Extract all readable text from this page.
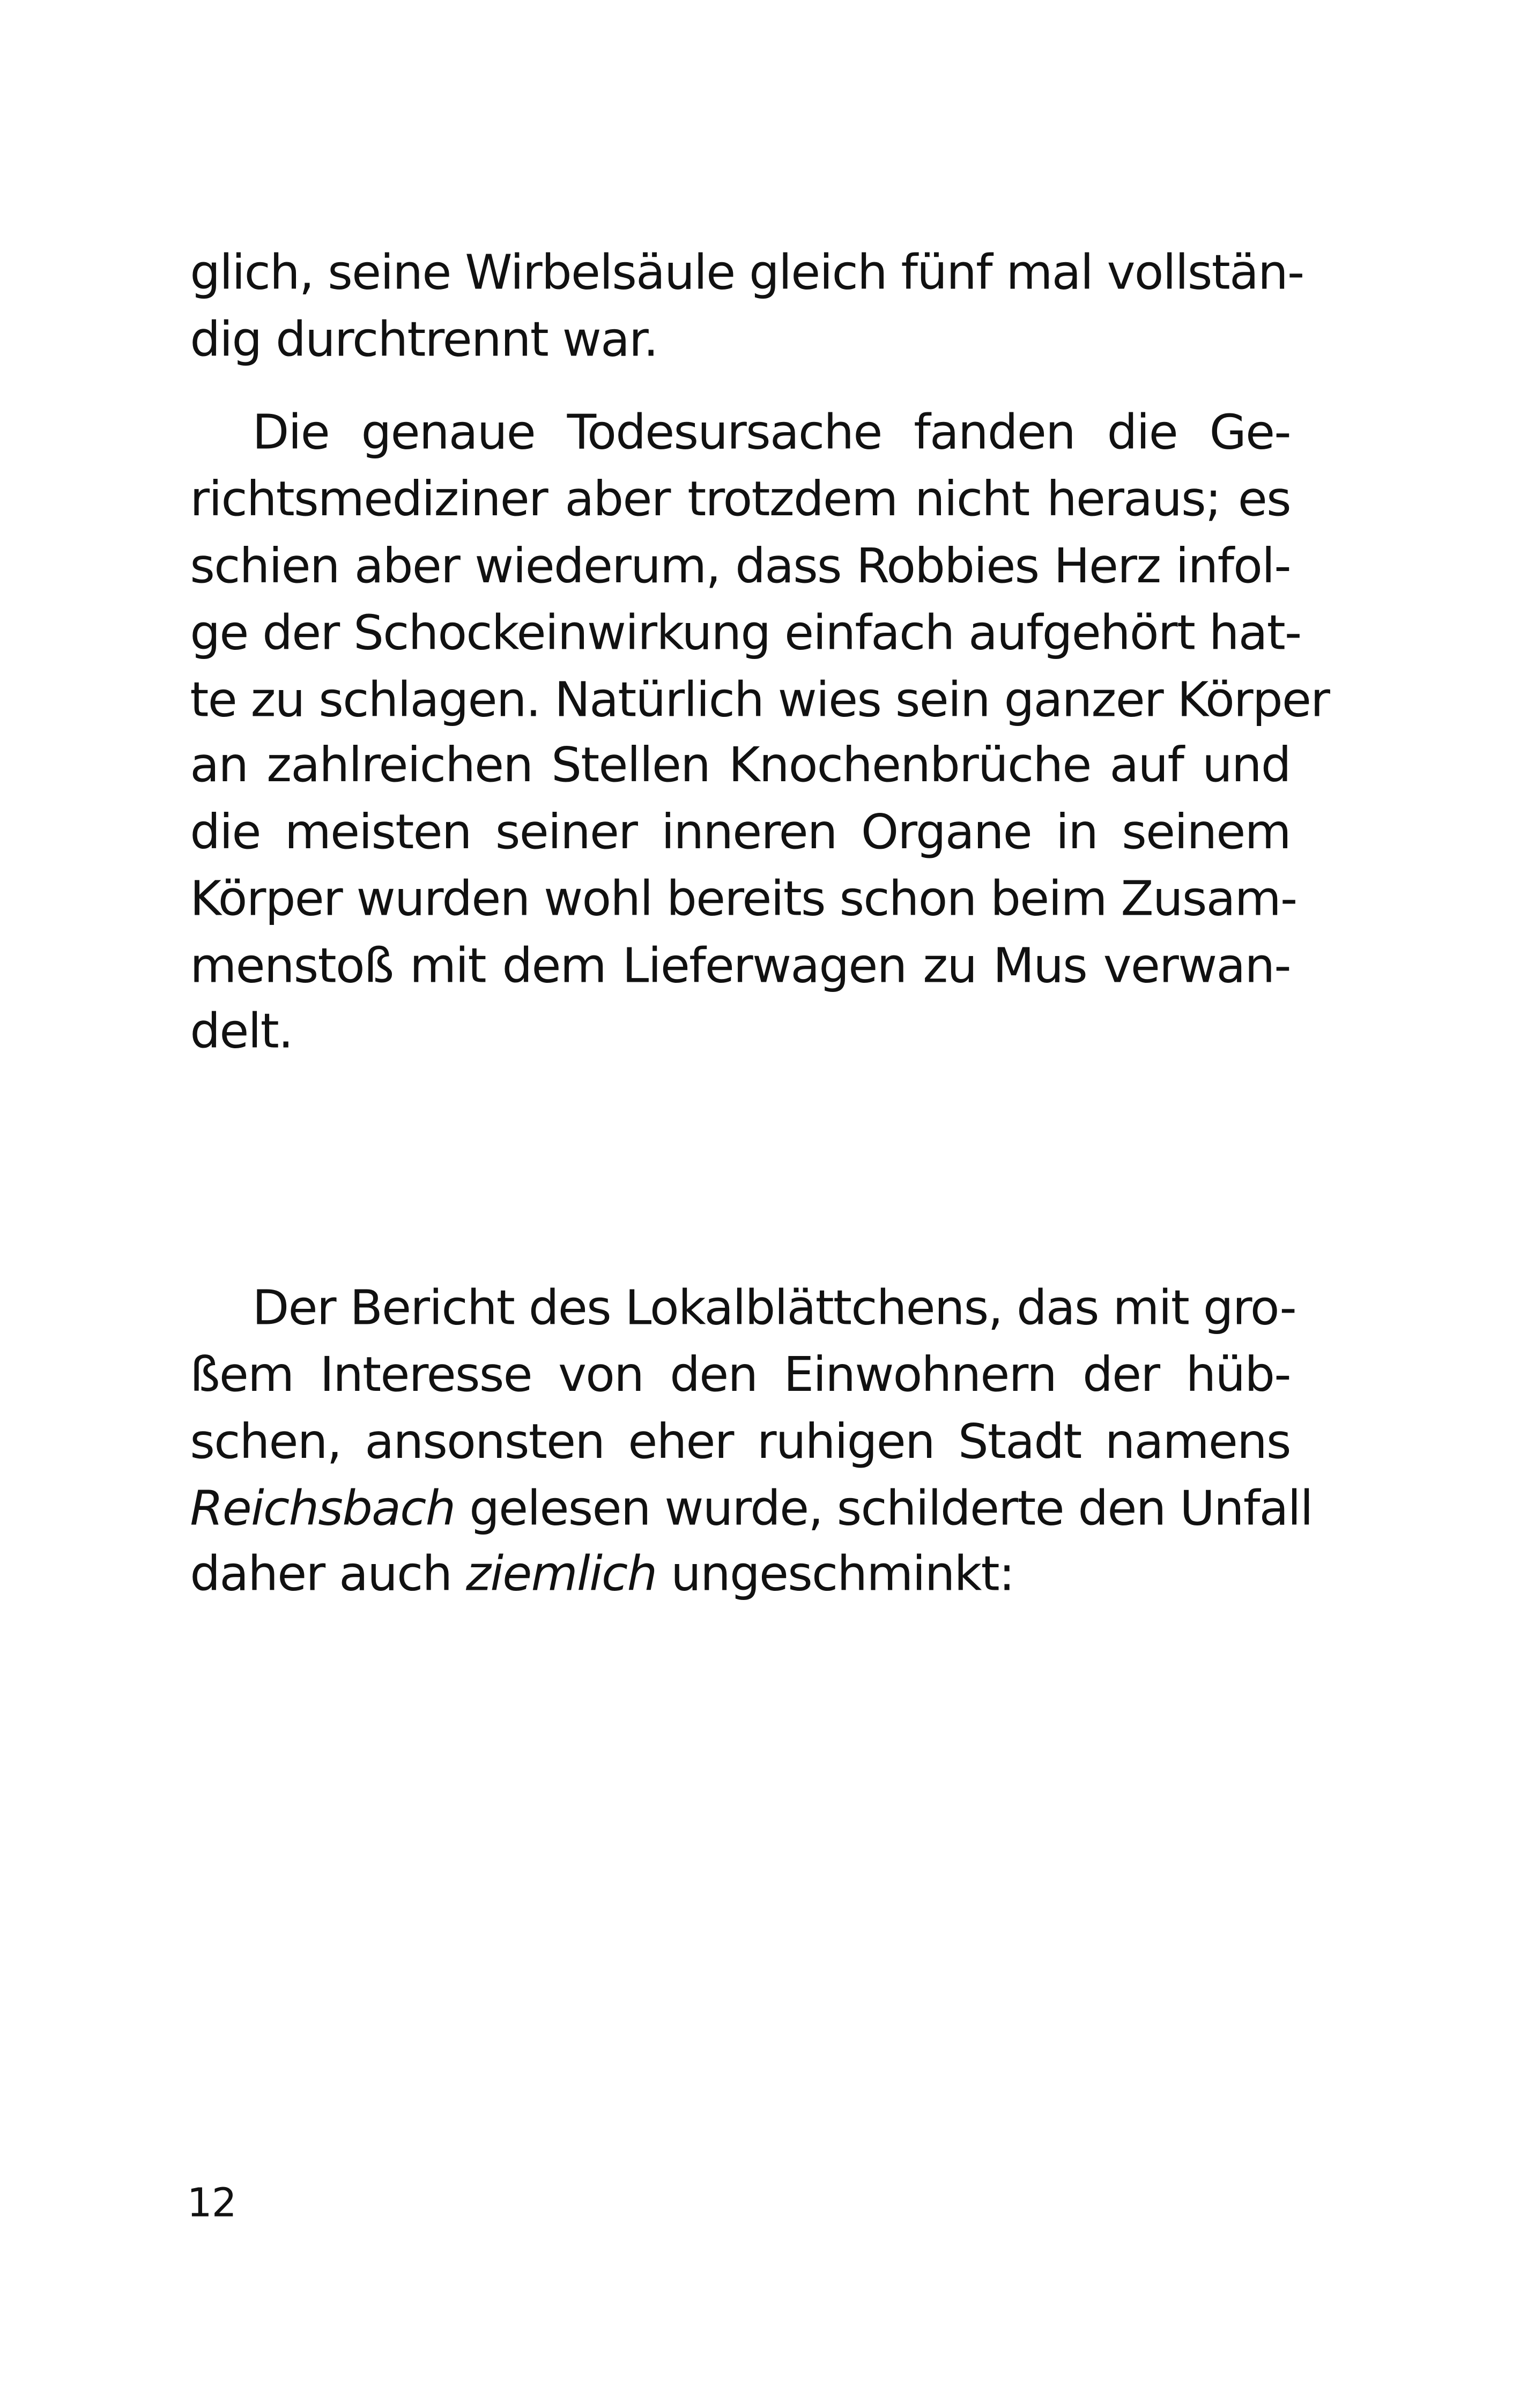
glich, seine Wirbelsäule gleich fünf mal vollstän-
dig durchtrennt war.
Die genaue Todesursache fanden die Ge-
richtsmediziner aber trotzdem nicht heraus; es
schien aber wiederum, dass Robbies Herz infol-
ge der Schockeinwirkung einfach aufgehört hat-
te zu schlagen. Natürlich wies sein ganzer Körper
an zahlreichen Stellen Knochenbrüche auf und
die meisten seiner inneren Organe in seinem
Körper wurden wohl bereits schon beim Zusam-
menstoß mit dem Lieferwagen zu Mus verwan-
delt.
Der Bericht des Lokalblättchens, das mit gro-
ßem Interesse von den Einwohnern der hüb-
schen, ansonsten eher ruhigen Stadt namens
Reichsbach gelesen wurde, schilderte den Unfall
daher auch ziemlich ungeschminkt:
12
